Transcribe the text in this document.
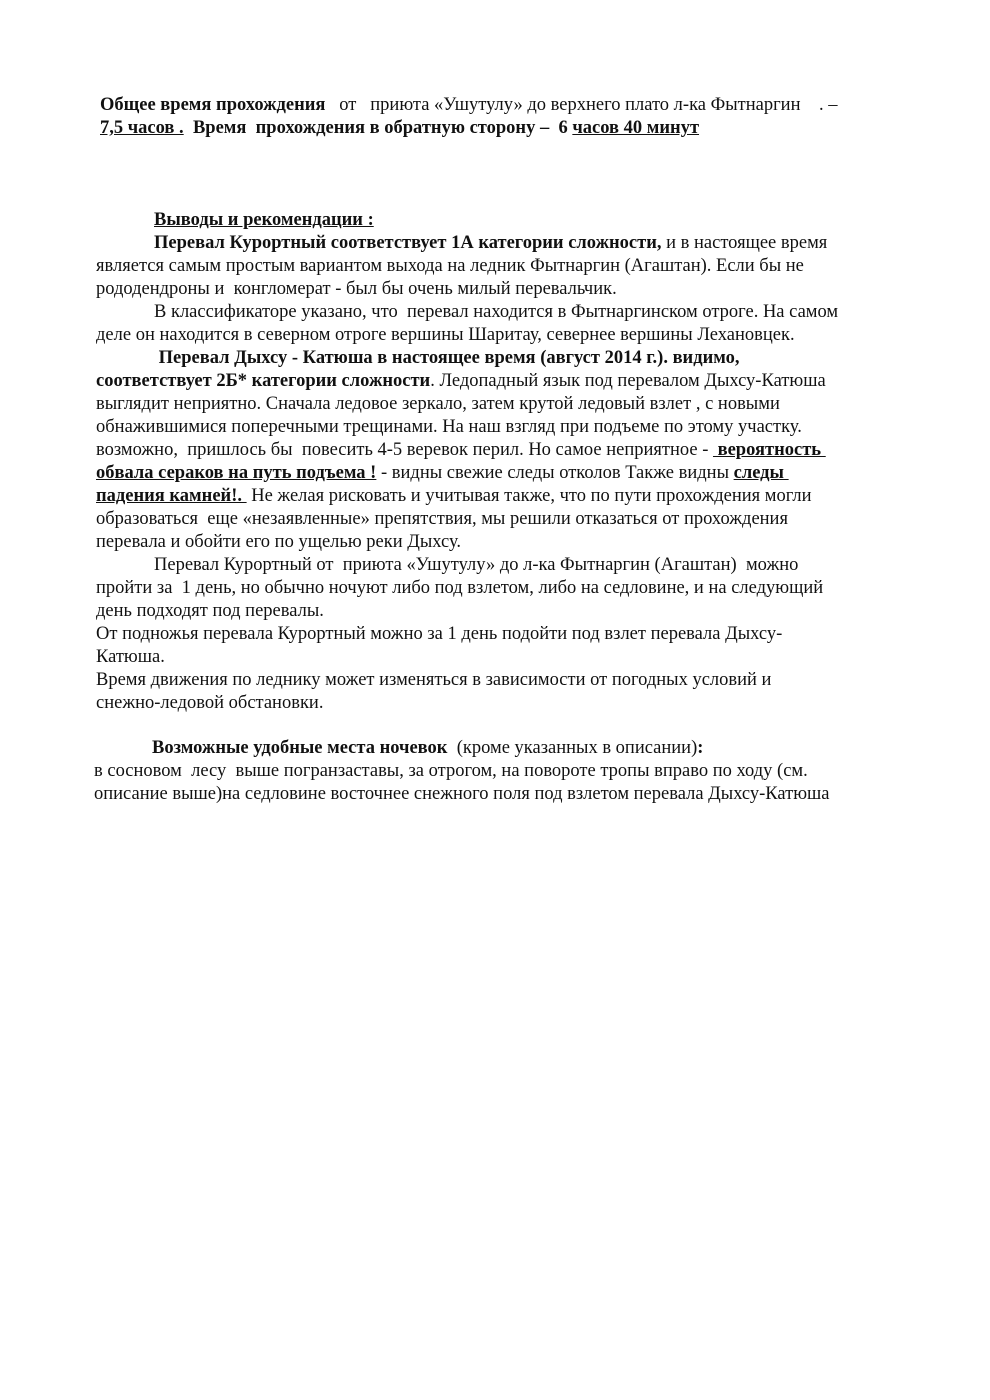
Общее время прохождения   от   приюта «Ушутулу» до верхнего плато л-ка Фытнаргин    . –
7,5 часов .  Время  прохождения в обратную сторону –  6 часов 40 минут
Выводы и рекомендации :
Перевал Курортный соответствует 1А категории сложности, и в настоящее время
является самым простым вариантом выхода на ледник Фытнаргин (Агаштан). Если бы не
рододендроны и  конгломерат - был бы очень милый перевальчик.
В классификаторе указано, что  перевал находится в Фытнаргинском отроге. На самом
деле он находится в северном отроге вершины Шаритау, севернее вершины Лехановцек.
Перевал Дыхсу - Катюша в настоящее время (август 2014 г.). видимо,
соответствует 2Б* категории сложности. Ледопадный язык под перевалом Дыхсу-Катюша
выглядит неприятно. Сначала ледовое зеркало, затем крутой ледовый взлет , с новыми
обнажившимися поперечными трещинами. На наш взгляд при подъеме по этому участку.
возможно,  пришлось бы  повесить 4-5 веревок перил. Но самое неприятное -  вероятность
обвала сераков на путь подъема ! - видны свежие следы отколов Также видны следы
падения камней!.  Не желая рисковать и учитывая также, что по пути прохождения могли
образоваться  еще «незаявленные» препятствия, мы решили отказаться от прохождения
перевала и обойти его по ущелью реки Дыхсу.
Перевал Курортный от  приюта «Ушутулу» до л-ка Фытнаргин (Агаштан)  можно
пройти за  1 день, но обычно ночуют либо под взлетом, либо на седловине, и на следующий
день подходят под перевалы.
От подножья перевала Курортный можно за 1 день подойти под взлет перевала Дыхсу-
Катюша.
Время движения по леднику может изменяться в зависимости от погодных условий и
снежно-ледовой обстановки.
Возможные удобные места ночевок  (кроме указанных в описании):
в сосновом  лесу  выше погранзаставы, за отрогом, на повороте тропы вправо по ходу (см.
описание выше)на седловине восточнее снежного поля под взлетом перевала Дыхсу-Катюша
